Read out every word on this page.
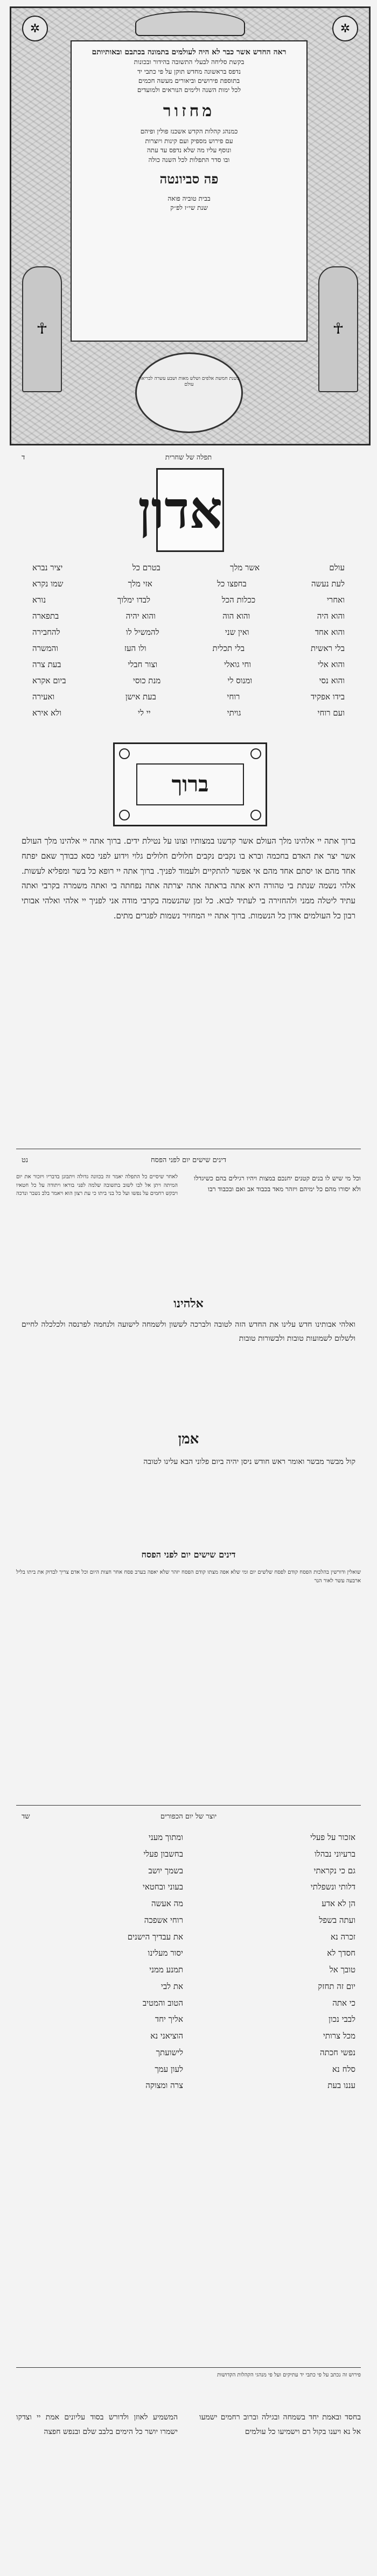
✲	✲
ראה החדש אשר כבר לא היה לעולמים בתמונה בכתבם ובאותיותם
בקשת סליחה לבעלי התשובה בהידור ובכונות
נדפס בראשונה מחדש תוקן על פי כתבי יד
בתוספת פירושים וביאורים מעשה חכמים
לכל ימות השנה ולימים הנוראים ולמועדים
מחזור
כמנהג קהלות הקדש אשכנז פולין ופיהם
עם פירוש מספיק ועם קינות ויוצרות
ונוסף עליו מה שלא נדפס עד עתה
ובו סדר התפלות לכל השנה כולה
פה סביונטה
בבית טוביה פואה
שנת שי״ז לפ״ק
☥	☥
בשנת חמשת אלפים ושלש מאות ושבע עשרה לבריאת עולם
תפלה של שחרית
ד
אדון
עולם
אשר מלך
בטרם כל
יציר נברא
לעת נעשה
בחפצו כל
אזי מלך
שמו נקרא
ואחרי
ככלות הכל
לבדו ימלוך
נורא
והוא היה
והוא הוה
והוא יהיה
בתפארה
והוא אחד
ואין שני
להמשיל לו
להחבירה
בלי ראשית
בלי תכלית
ולו העז
והמשרה
והוא אלי
וחי גואלי
וצור חבלי
בעת צרה
והוא נסי
ומנוס לי
מנת כוסי
ביום אקרא
בידו אפקיד
רוחי
בעת אישן
ואעירה
ועם רוחי
גויתי
יי לי
ולא אירא
ברוך
ברוך אתה יי אלהינו מלך העולם אשר קדשנו במצותיו וצונו על נטילת ידים. ברוך אתה יי אלהינו מלך העולם אשר יצר את האדם בחכמה וברא בו נקבים נקבים חלולים חלולים גלוי וידוע לפני כסא כבודך שאם יפתח אחד מהם או יסתם אחד מהם אי אפשר להתקיים ולעמוד לפניך. ברוך אתה יי רופא כל בשר ומפליא לעשות. אלהי נשמה שנתת בי טהורה היא אתה בראתה אתה יצרתה אתה נפחתה בי ואתה משמרה בקרבי ואתה עתיד ליטלה ממני ולהחזירה בי לעתיד לבוא. כל זמן שהנשמה בקרבי מודה אני לפניך יי אלהי ואלהי אבותי רבון כל העולמים אדון כל הנשמות. ברוך אתה יי המחזיר נשמות לפגרים מתים.
דינים שישים יום לפני הפסח
נט
לאחר שיסיים כל התפלה יאמר זה בכוונה גדולה ויתבונן בדבריו ויזכור את יום המיתה ויתן אל לבו לשוב בתשובה שלמה לפני בוראו ויתודה על כל חטאיו ויבקש רחמים על נפשו ועל כל בני ביתו כי עת רצון הוא ויאמר בלב נשבר ונדכה
וכל מי שיש לו בנים קטנים יחנכם במצות ויהיו רגילים בהם כשיגדלו ולא יסורו מהם כל ימיהם ויזהר מאד בכבוד אב ואם ובכבוד רבו
אלהינו
ואלהי אבותינו חדש עלינו את החדש הזה לטובה ולברכה לששון ולשמחה לישועה ולנחמה לפרנסה ולכלכלה לחיים ולשלום לשמועות טובות ולבשורות טובות
אמן
קול מבשר מבשר ואומר ראש חודש ניסן יהיה ביום פלוני הבא עלינו לטובה
דינים שישים יום לפני הפסח
שואלין ודורשין בהלכות הפסח קודם לפסח שלשים יום ומי שלא אפה מצתו קודם הפסח יזהר שלא יאפה בערב פסח אחר חצות היום וכל אדם צריך לבדוק את ביתו בליל ארבעה עשר לאור הנר
יוצר של יום הכפורים
שד
אזכור על פעלי
ומתוך מעני
ברעיוני נבהלו
בחשבון פעלי
גם כי נקראתי
בשמך יושב
דלותי ונשפלתי
בעוני ובחטאי
הן לא אדע
מה אעשה
ועתה בשפל
רוחי אשפכה
זכרה נא
את עבדיך הישנים
חסדך לא
יסור מעלינו
טובך אל
תמנע ממני
יום זה תחזק
את לבי
כי אתה
הטוב והמטיב
לבבי נכון
אליך יחד
מכל צרותי
הוציאני נא
נפשי חכתה
לישועתך
סלח נא
לעון עמך
עננו בעת
צרה ומצוקה
פירוש זה נכתב על פי כתבי יד עתיקים ועל פי מנהגי הקהלות הקדושות
המשמיע לאוזן ולדורש בסוד עליונים אמת יי וצדקו ישמרו יושר כל הימים בלבב שלם ובנפש חפצה
בחסד ובאמת יחד בשמחה ובגילה וברוב רחמים ישמעו אל נא ויענו בקול רם וישמיעו כל עולמים
